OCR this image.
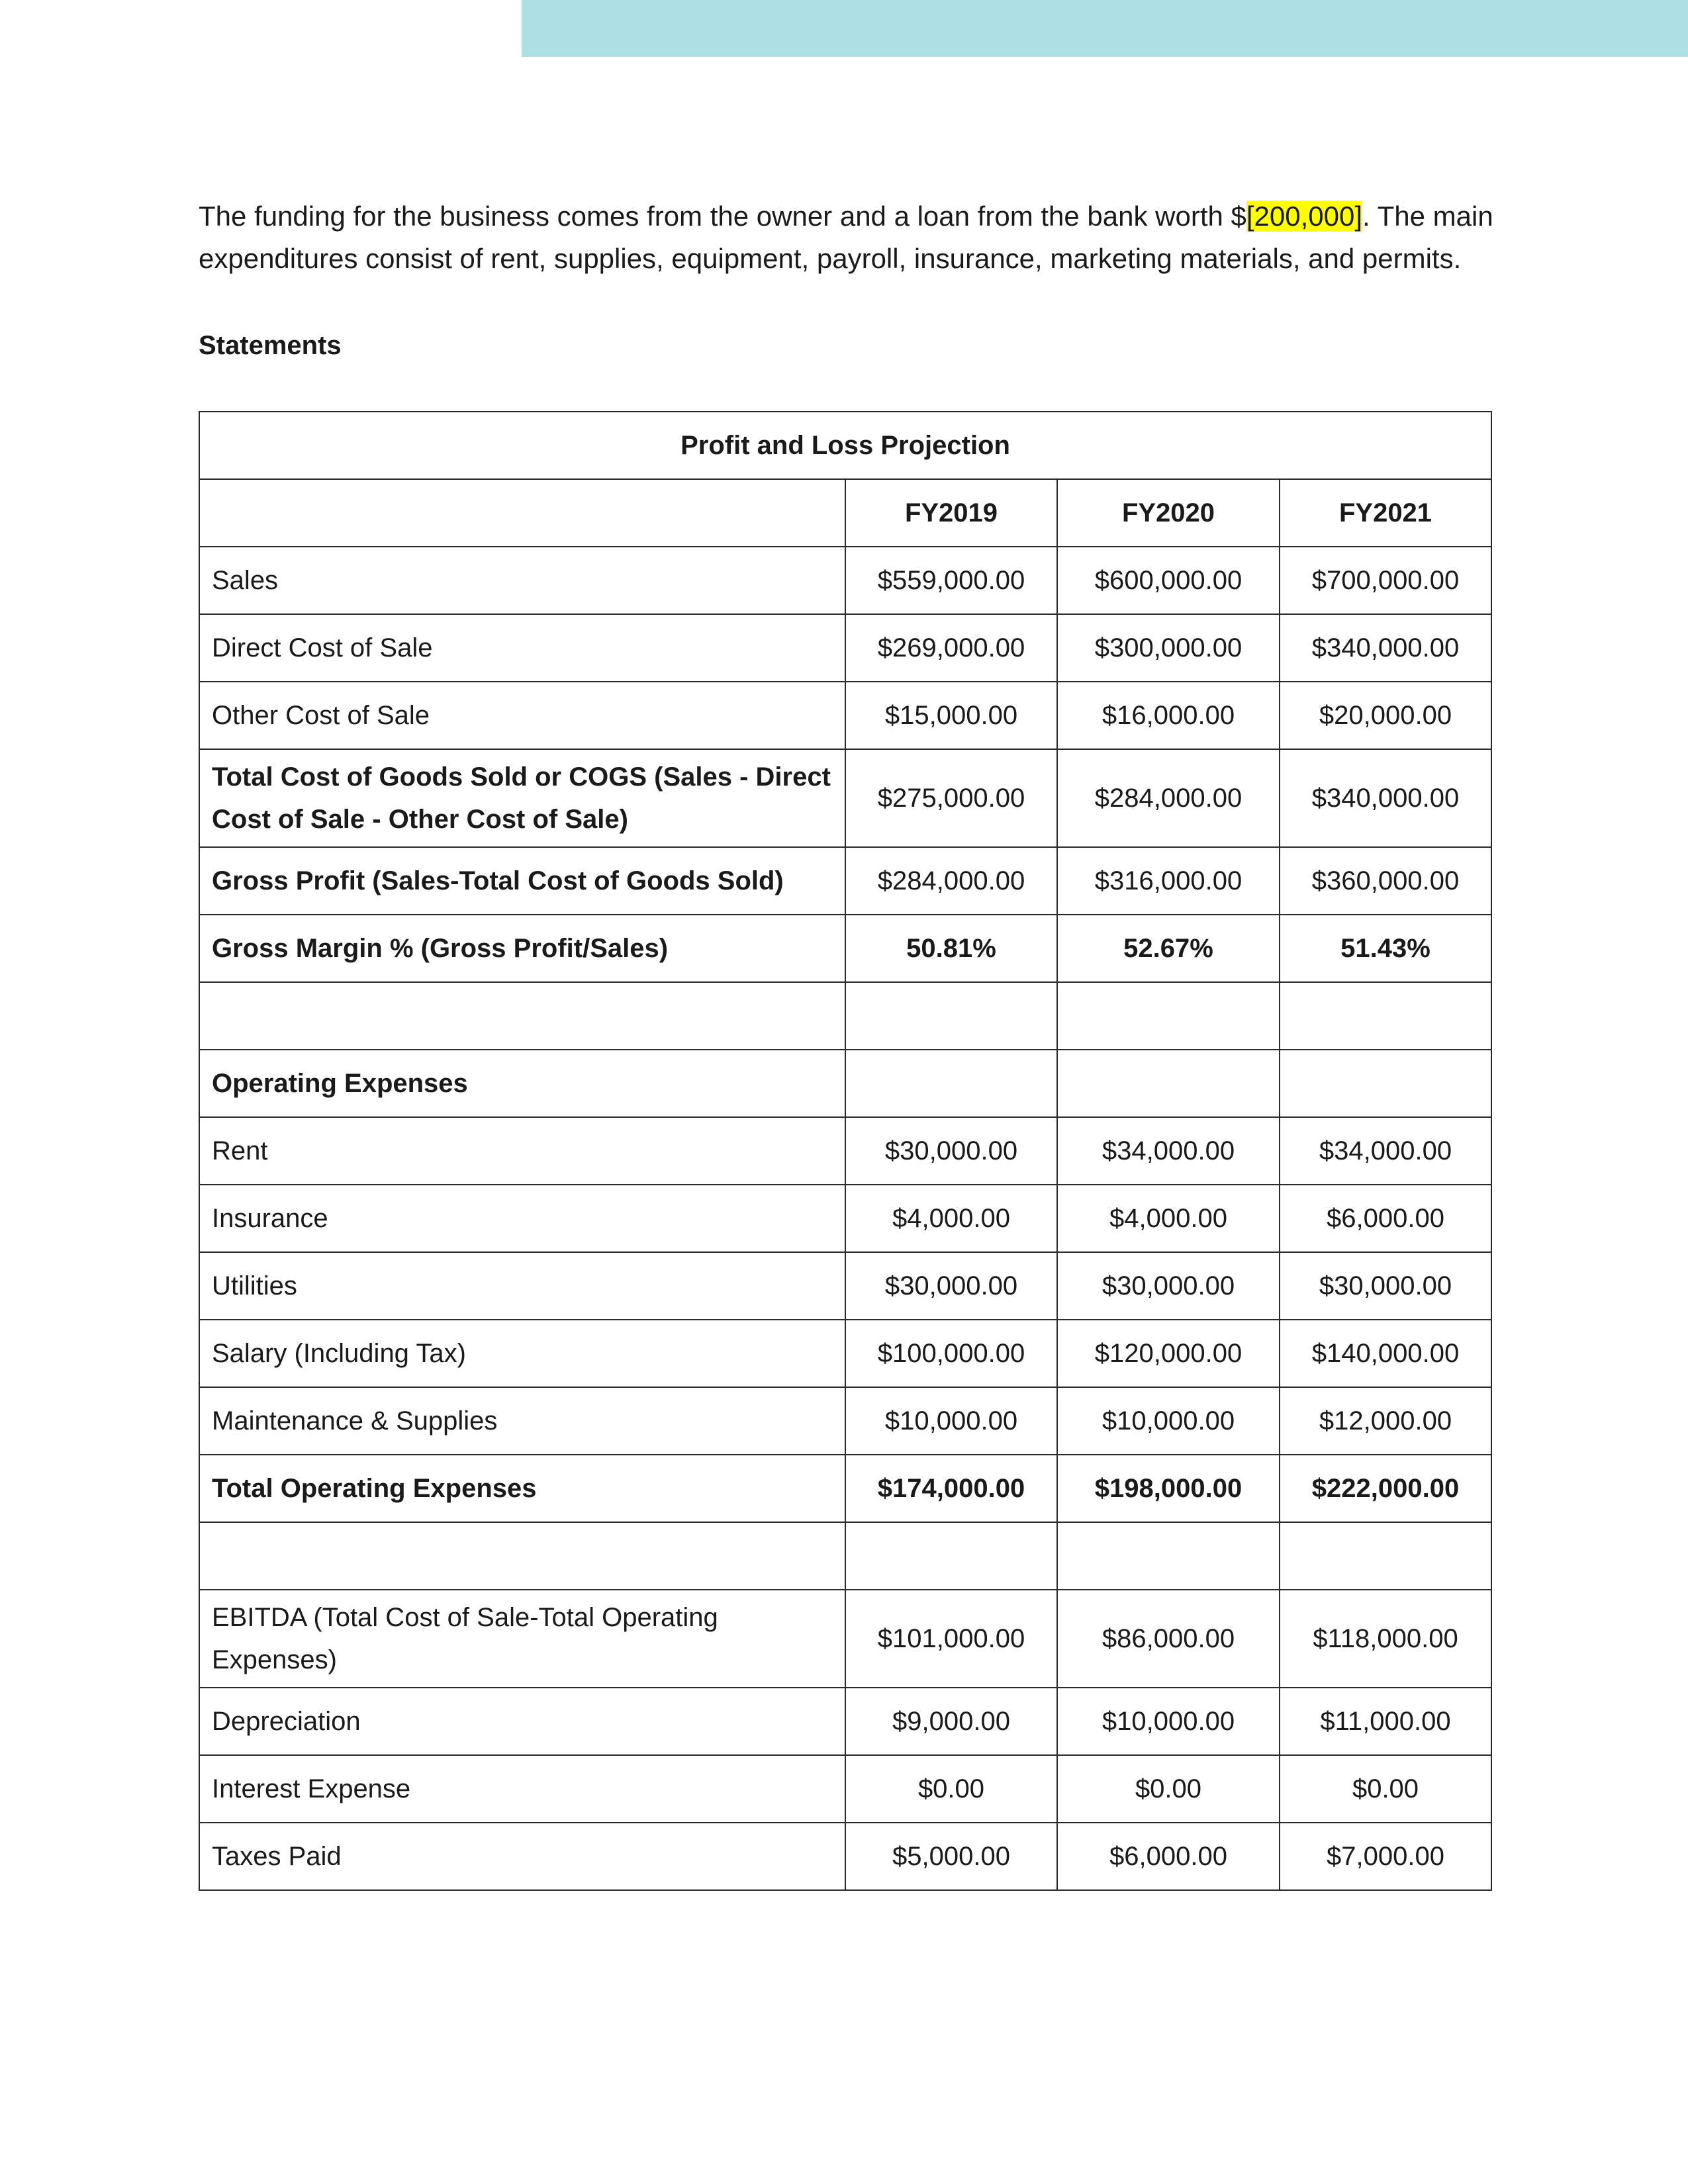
The funding for the business comes from the owner and a loan from the bank worth $[200,000]. The main expenditures consist of rent, supplies, equipment, payroll, insurance, marketing materials, and permits.

Statements
Profit and Loss Projection			
	FY2019	FY2020	FY2021
Sales	$559,000.00	$600,000.00	$700,000.00
Direct Cost of Sale	$269,000.00	$300,000.00	$340,000.00
Other Cost of Sale	$15,000.00	$16,000.00	$20,000.00
Total Cost of Goods Sold or COGS (Sales - Direct Cost of Sale - Other Cost of Sale)	$275,000.00	$284,000.00	$340,000.00
Gross Profit (Sales-Total Cost of Goods Sold)	$284,000.00	$316,000.00	$360,000.00
Gross Margin % (Gross Profit/Sales)	50.81%	52.67%	51.43%

Operating Expenses			
Rent	$30,000.00	$34,000.00	$34,000.00
Insurance	$4,000.00	$4,000.00	$6,000.00
Utilities	$30,000.00	$30,000.00	$30,000.00
Salary (Including Tax)	$100,000.00	$120,000.00	$140,000.00
Maintenance & Supplies	$10,000.00	$10,000.00	$12,000.00
Total Operating Expenses	$174,000.00	$198,000.00	$222,000.00

EBITDA (Total Cost of Sale-Total Operating Expenses)	$101,000.00	$86,000.00	$118,000.00
Depreciation	$9,000.00	$10,000.00	$11,000.00
Interest Expense	$0.00	$0.00	$0.00
Taxes Paid	$5,000.00	$6,000.00	$7,000.00
